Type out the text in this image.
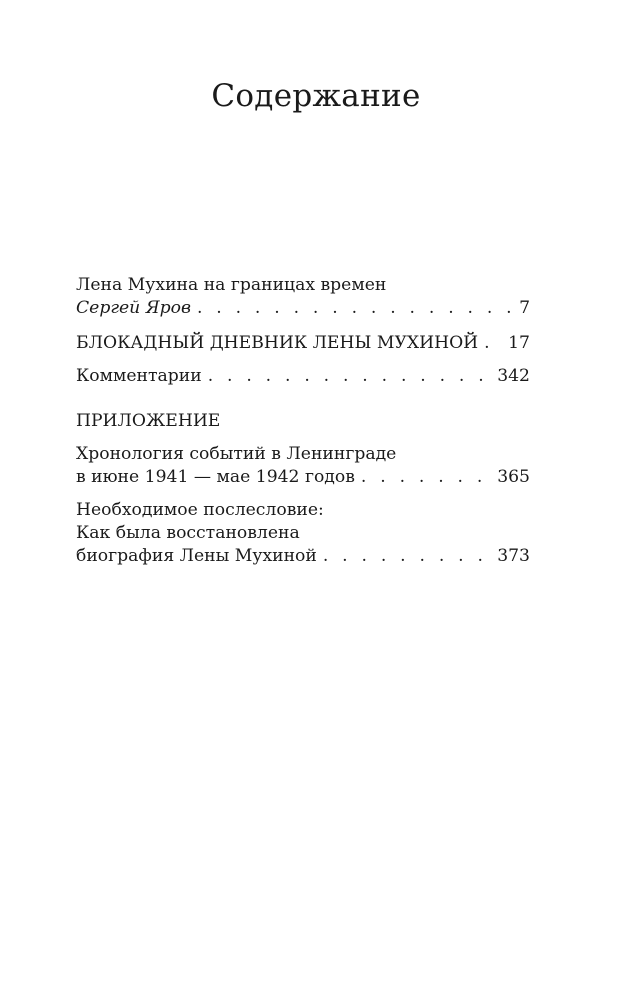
Содержание
Лена Мухина на границах времен
Сергей Яров . . .	7
БЛОКАДНЫЙ ДНЕВНИК ЛЕНЫ МУХИНОЙ . . . 17
Комментарии . . .	342
ПРИЛОЖЕНИЕ
Хронология событий в Ленинграде
в июне 1941 — мае 1942 годов . . .	365
Необходимое послесловие:
Как была восстановлена
биография Лены Мухиной . . .	373
